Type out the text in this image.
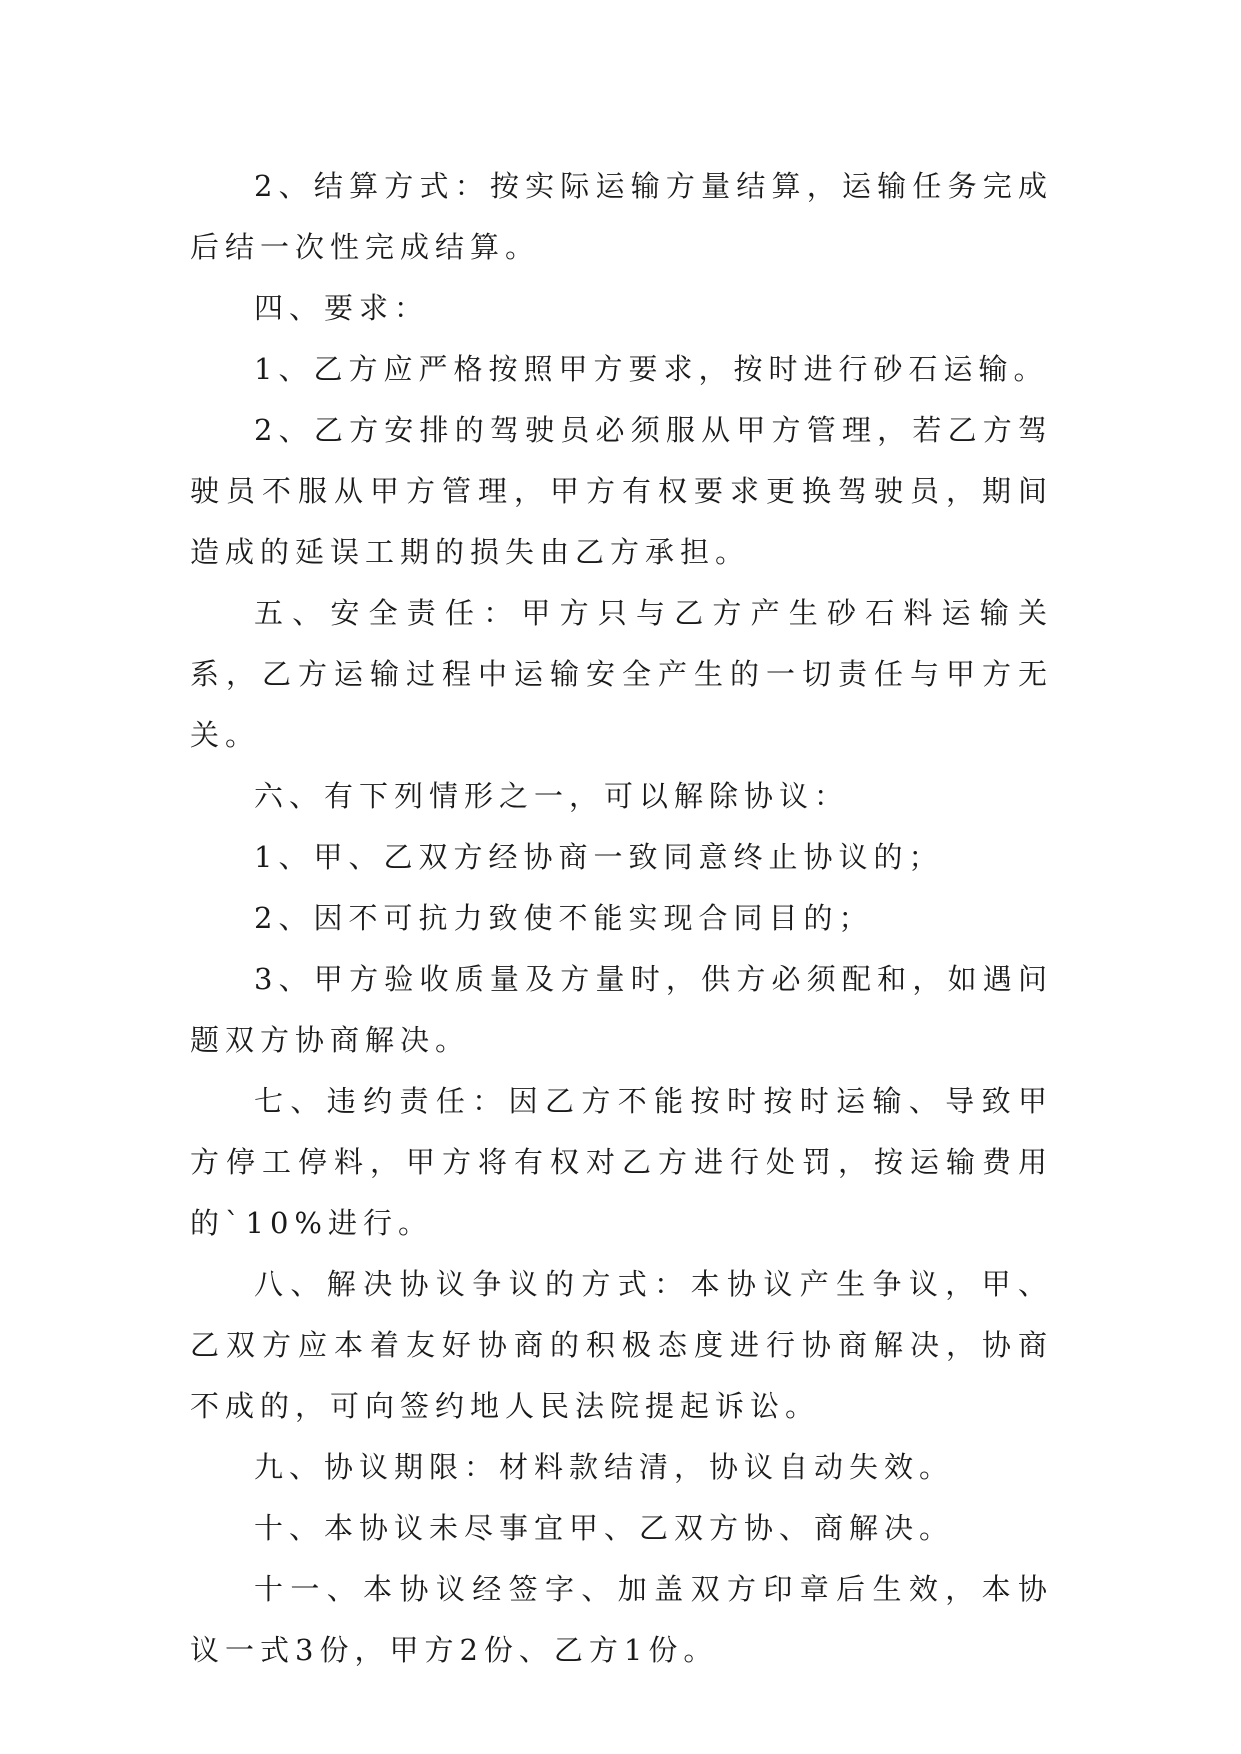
2、结算方式：按实际运输方量结算，运输任务完成后结一次性完成结算。

四、要求：

1、乙方应严格按照甲方要求，按时进行砂石运输。

2、乙方安排的驾驶员必须服从甲方管理，若乙方驾驶员不服从甲方管理，甲方有权要求更换驾驶员，期间造成的延误工期的损失由乙方承担。

五、安全责任：甲方只与乙方产生砂石料运输关系，乙方运输过程中运输安全产生的一切责任与甲方无关。

六、有下列情形之一，可以解除协议：

1、甲、乙双方经协商一致同意终止协议的；

2、因不可抗力致使不能实现合同目的；

3、甲方验收质量及方量时，供方必须配和，如遇问题双方协商解决。

七、违约责任：因乙方不能按时按时运输、导致甲方停工停料，甲方将有权对乙方进行处罚，按运输费用的`10%进行。

八、解决协议争议的方式：本协议产生争议，甲、乙双方应本着友好协商的积极态度进行协商解决，协商不成的，可向签约地人民法院提起诉讼。

九、协议期限：材料款结清，协议自动失效。

十、本协议未尽事宜甲、乙双方协、商解决。

十一、本协议经签字、加盖双方印章后生效，本协议一式3份，甲方2份、乙方1份。
